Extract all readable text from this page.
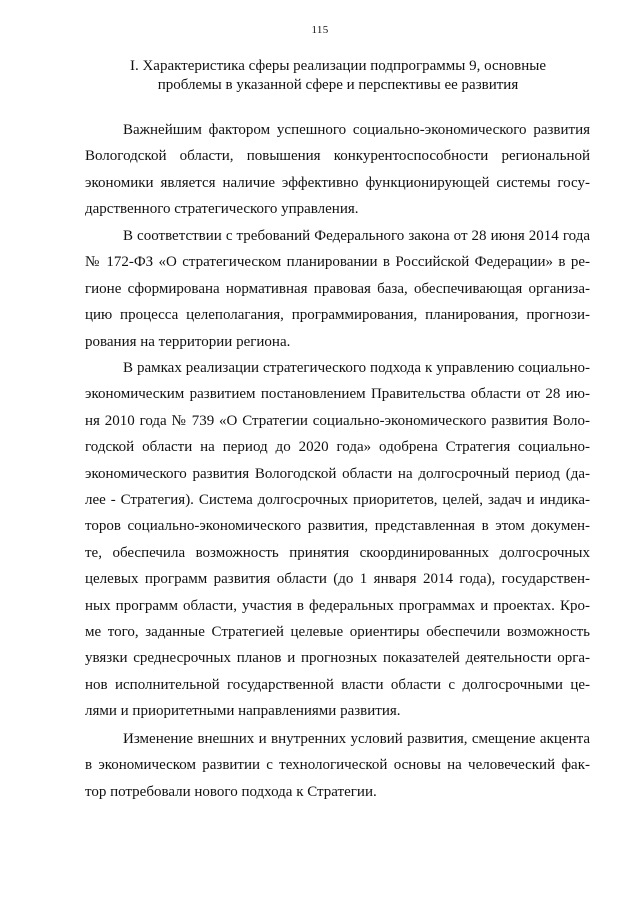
115
I. Характеристика сферы реализации подпрограммы 9, основные
проблемы в указанной сфере и перспективы ее развития
Важнейшим фактором успешного социально-экономического развития
Вологодской области, повышения конкурентоспособности региональной
экономики является наличие эффективно функционирующей системы госу-
дарственного стратегического управления.
В соответствии с требований Федерального закона от 28 июня 2014 года
№ 172-ФЗ «О стратегическом планировании в Российской Федерации» в ре-
гионе сформирована нормативная правовая база, обеспечивающая организа-
цию процесса целеполагания, программирования, планирования, прогнози-
рования на территории региона.
В рамках реализации стратегического подхода к управлению социально-
экономическим развитием постановлением Правительства области от 28 ию-
ня 2010 года № 739 «О Стратегии социально-экономического развития Воло-
годской области на период до 2020 года» одобрена Стратегия социально-
экономического развития Вологодской области на долгосрочный период (да-
лее - Стратегия). Система долгосрочных приоритетов, целей, задач и индика-
торов социально-экономического развития, представленная в этом докумен-
те, обеспечила возможность принятия скоординированных долгосрочных
целевых программ развития области (до 1 января 2014 года), государствен-
ных программ области, участия в федеральных программах и проектах. Кро-
ме того, заданные Стратегией целевые ориентиры обеспечили возможность
увязки среднесрочных планов и прогнозных показателей деятельности орга-
нов исполнительной государственной власти области с долгосрочными це-
лями и приоритетными направлениями развития.
Изменение внешних и внутренних условий развития, смещение акцента
в экономическом развитии с технологической основы на человеческий фак-
тор потребовали нового подхода к Стратегии.
